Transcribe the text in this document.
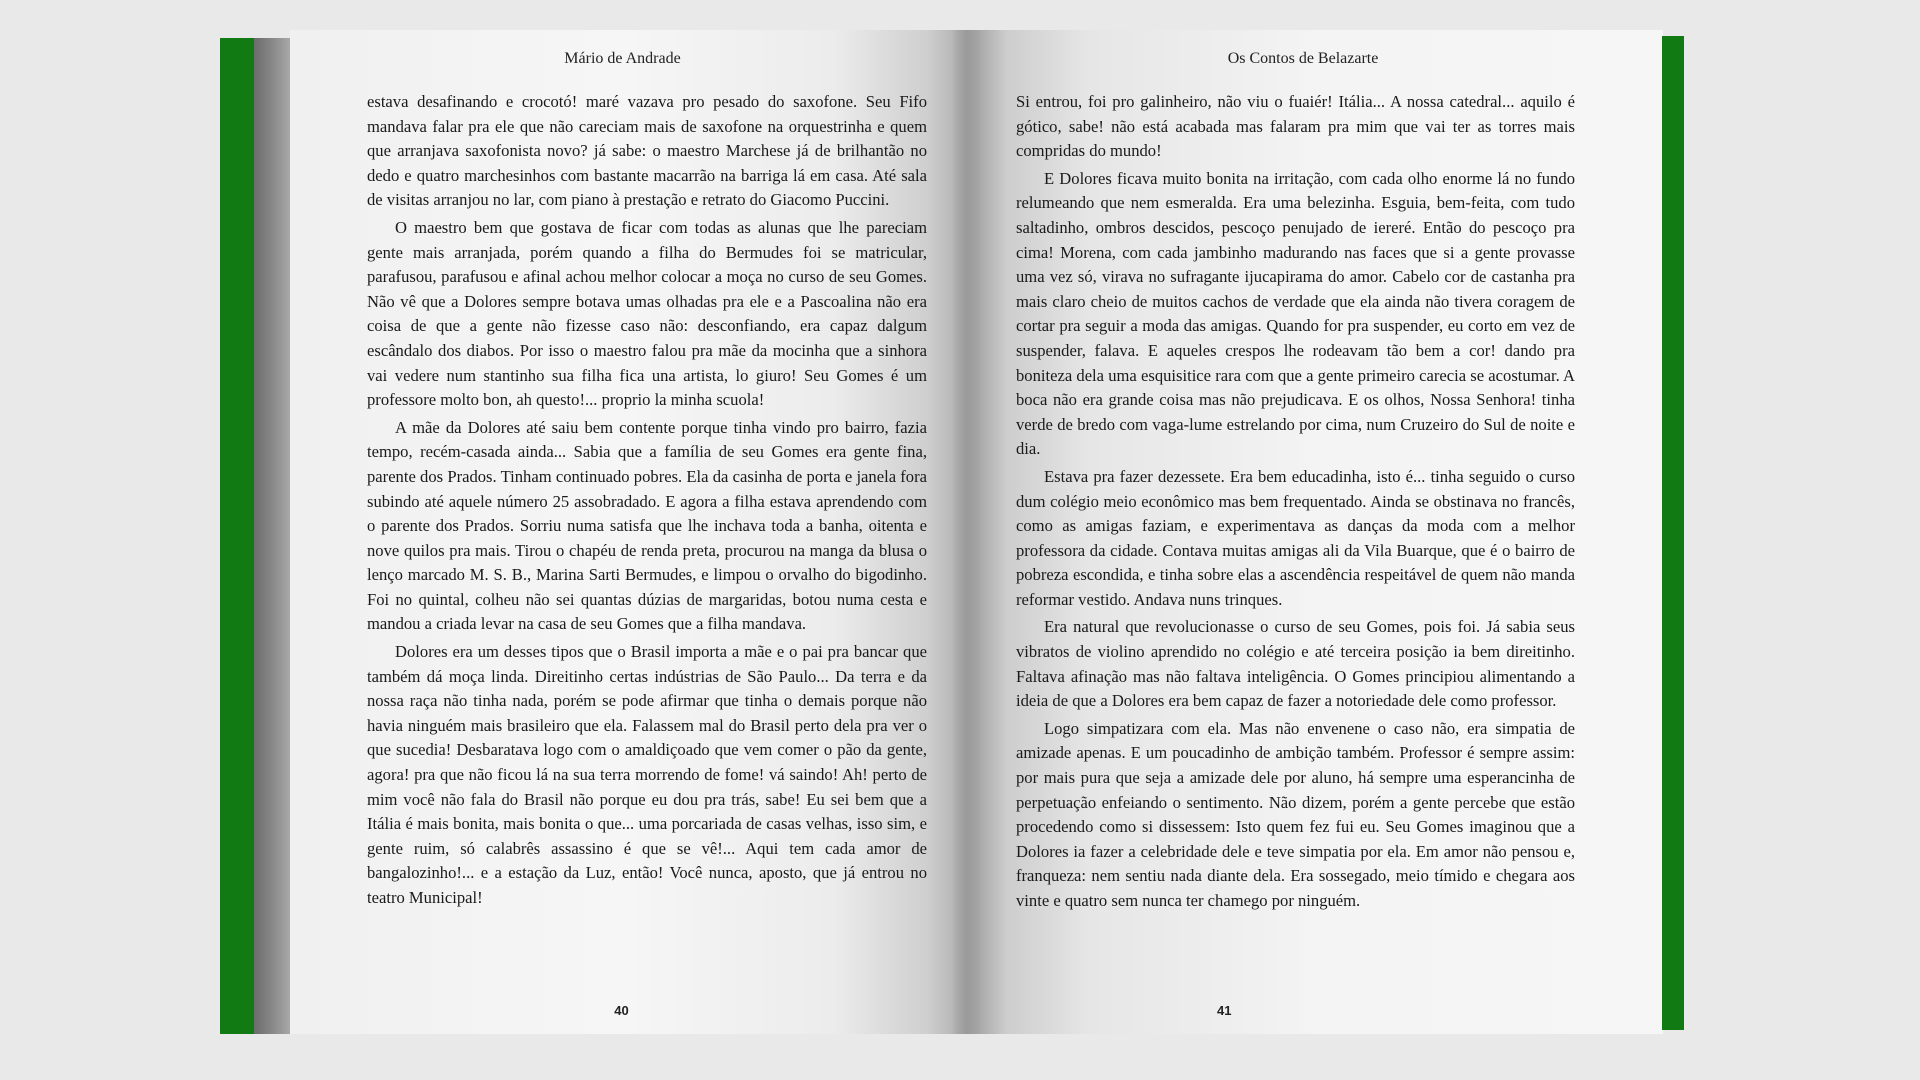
Mário de Andrade

estava desafinando e crocotó! maré vazava pro pesado do saxofone. Seu Fifo mandava falar pra ele que não careciam mais de saxofone na orquestrinha e quem que arranjava saxofonista novo? já sabe: o maestro Marchese já de brilhantão no dedo e quatro marchesinhos com bastante macarrão na barriga lá em casa. Até sala de visitas arranjou no lar, com piano à prestação e retrato do Giacomo Puccini.

O maestro bem que gostava de ficar com todas as alunas que lhe pareciam gente mais arranjada, porém quando a filha do Bermudes foi se matricular, parafusou, parafusou e afinal achou melhor colocar a moça no curso de seu Gomes. Não vê que a Dolores sempre botava umas olhadas pra ele e a Pascoalina não era coisa de que a gente não fizesse caso não: desconfiando, era capaz dalgum escândalo dos diabos. Por isso o maestro falou pra mãe da mocinha que a sinhora vai vedere num stantinho sua filha fica una artista, lo giuro! Seu Gomes é um professore molto bon, ah questo!... proprio la minha scuola!

A mãe da Dolores até saiu bem contente porque tinha vindo pro bairro, fazia tempo, recém-casada ainda... Sabia que a família de seu Gomes era gente fina, parente dos Prados. Tinham continuado pobres. Ela da casinha de porta e janela fora subindo até aquele número 25 assobradado. E agora a filha estava aprendendo com o parente dos Prados. Sorriu numa satisfa que lhe inchava toda a banha, oitenta e nove quilos pra mais. Tirou o chapéu de renda preta, procurou na manga da blusa o lenço marcado M. S. B., Marina Sarti Bermudes, e limpou o orvalho do bigodinho. Foi no quintal, colheu não sei quantas dúzias de margaridas, botou numa cesta e mandou a criada levar na casa de seu Gomes que a filha mandava.

Dolores era um desses tipos que o Brasil importa a mãe e o pai pra bancar que também dá moça linda. Direitinho certas indústrias de São Paulo... Da terra e da nossa raça não tinha nada, porém se pode afirmar que tinha o demais porque não havia ninguém mais brasileiro que ela. Falassem mal do Brasil perto dela pra ver o que sucedia! Desbaratava logo com o amaldiçoado que vem comer o pão da gente, agora! pra que não ficou lá na sua terra morrendo de fome! vá saindo! Ah! perto de mim você não fala do Brasil não porque eu dou pra trás, sabe! Eu sei bem que a Itália é mais bonita, mais bonita o que... uma porcariada de casas velhas, isso sim, e gente ruim, só calabrês assassino é que se vê!... Aqui tem cada amor de bangalozinho!... e a estação da Luz, então! Você nunca, aposto, que já entrou no teatro Municipal!

40
Os Contos de Belazarte

Si entrou, foi pro galinheiro, não viu o fuaiér! Itália... A nossa catedral... aquilo é gótico, sabe! não está acabada mas falaram pra mim que vai ter as torres mais compridas do mundo!

E Dolores ficava muito bonita na irritação, com cada olho enorme lá no fundo relumeando que nem esmeralda. Era uma belezinha. Esguia, bem-feita, com tudo saltadinho, ombros descidos, pescoço penujado de iereré. Então do pescoço pra cima! Morena, com cada jambinho madurando nas faces que si a gente provasse uma vez só, virava no sufragante ijucapirama do amor. Cabelo cor de castanha pra mais claro cheio de muitos cachos de verdade que ela ainda não tivera coragem de cortar pra seguir a moda das amigas. Quando for pra suspender, eu corto em vez de suspender, falava. E aqueles crespos lhe rodeavam tão bem a cor! dando pra boniteza dela uma esquisitice rara com que a gente primeiro carecia se acostumar. A boca não era grande coisa mas não prejudicava. E os olhos, Nossa Senhora! tinha verde de bredo com vaga-lume estrelando por cima, num Cruzeiro do Sul de noite e dia.

Estava pra fazer dezessete. Era bem educadinha, isto é... tinha seguido o curso dum colégio meio econômico mas bem frequentado. Ainda se obstinava no francês, como as amigas faziam, e experimentava as danças da moda com a melhor professora da cidade. Contava muitas amigas ali da Vila Buarque, que é o bairro de pobreza escondida, e tinha sobre elas a ascendência respeitável de quem não manda reformar vestido. Andava nuns trinques.

Era natural que revolucionasse o curso de seu Gomes, pois foi. Já sabia seus vibratos de violino aprendido no colégio e até terceira posição ia bem direitinho. Faltava afinação mas não faltava inteligência. O Gomes principiou alimentando a ideia de que a Dolores era bem capaz de fazer a notoriedade dele como professor.

Logo simpatizara com ela. Mas não envenene o caso não, era simpatia de amizade apenas. E um poucadinho de ambição também. Professor é sempre assim: por mais pura que seja a amizade dele por aluno, há sempre uma esperancinha de perpetuação enfeiando o sentimento. Não dizem, porém a gente percebe que estão procedendo como si dissessem: Isto quem fez fui eu. Seu Gomes imaginou que a Dolores ia fazer a celebridade dele e teve simpatia por ela. Em amor não pensou e, franqueza: nem sentiu nada diante dela. Era sossegado, meio tímido e chegara aos vinte e quatro sem nunca ter chamego por ninguém.

41
